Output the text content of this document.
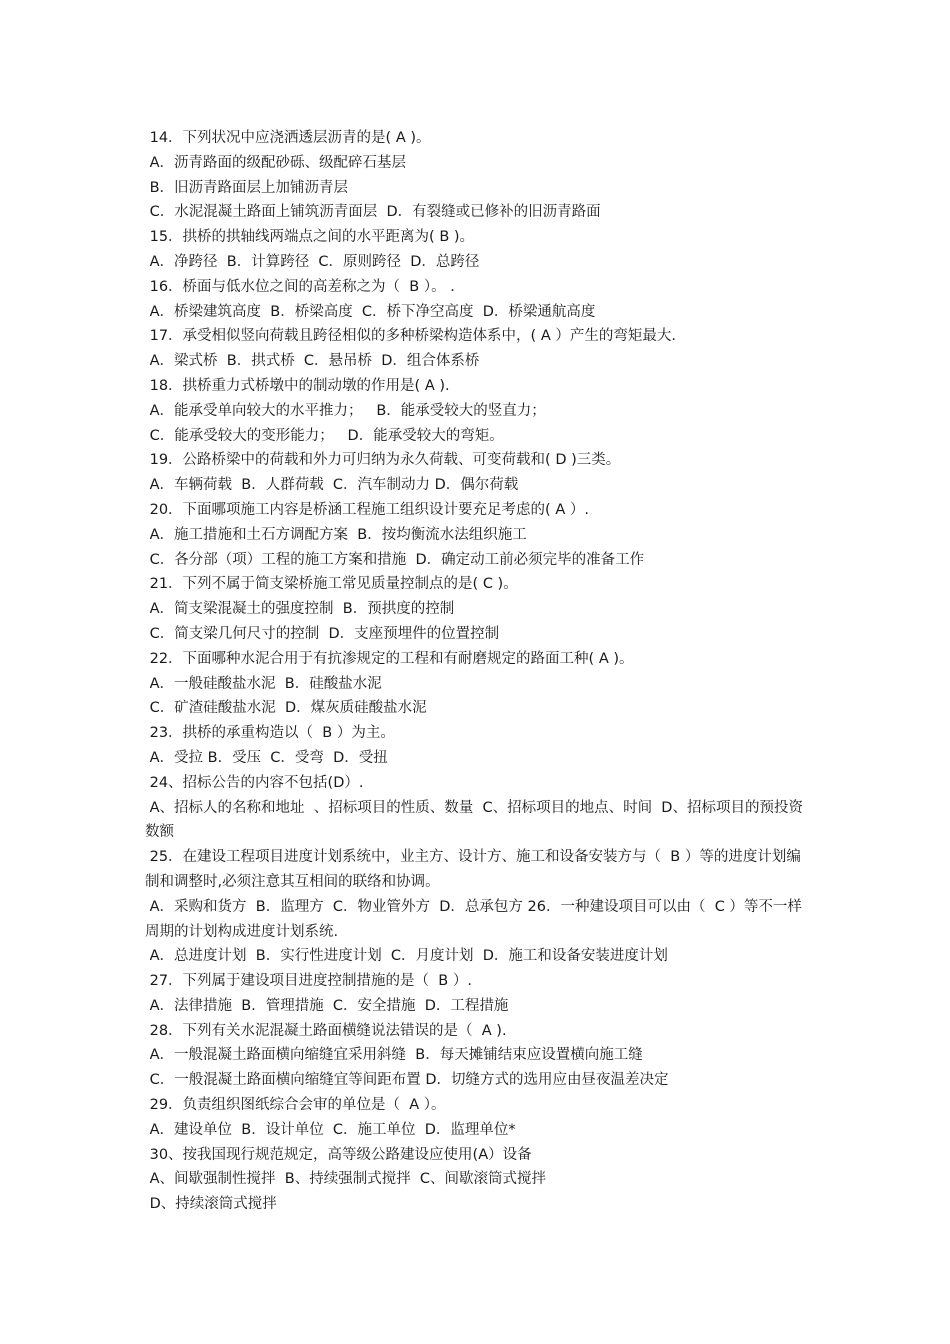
14．下列状况中应浇洒透层沥青的是( A )。

A．沥青路面的级配砂砾、级配碎石基层

B．旧沥青路面层上加铺沥青层

C．水泥混凝土路面上铺筑沥青面层  D．有裂缝或已修补的旧沥青路面

15．拱桥的拱轴线两端点之间的水平距离为( B )。

A．净跨径  B．计算跨径  C．原则跨径  D．总跨径

16．桥面与低水位之间的高差称之为（  B ）。 .

A．桥梁建筑高度  B．桥梁高度  C．桥下净空高度  D．桥梁通航高度

17．承受相似竖向荷载且跨径相似的多种桥梁构造体系中，( A ）产生的弯矩最大.

A．梁式桥  B．拱式桥  C．悬吊桥  D．组合体系桥

18．拱桥重力式桥墩中的制动墩的作用是( A ).

A．能承受单向较大的水平推力；   B．能承受较大的竖直力；

C．能承受较大的变形能力；   D．能承受较大的弯矩。

19．公路桥梁中的荷载和外力可归纳为永久荷载、可变荷载和( D )三类。

A．车辆荷载  B．人群荷载  C．汽车制动力 D．偶尔荷载

20．下面哪项施工内容是桥涵工程施工组织设计要充足考虑的( A ）.

A．施工措施和土石方调配方案  B．按均衡流水法组织施工

C．各分部（项）工程的施工方案和措施  D．确定动工前必须完毕的准备工作

21．下列不属于简支梁桥施工常见质量控制点的是( C )。

A．简支梁混凝土的强度控制  B．预拱度的控制

C．简支梁几何尺寸的控制  D．支座预埋件的位置控制

22．下面哪种水泥合用于有抗渗规定的工程和有耐磨规定的路面工种( A )。

A．一般硅酸盐水泥  B．硅酸盐水泥

C．矿渣硅酸盐水泥  D．煤灰质硅酸盐水泥

23．拱桥的承重构造以（  B ）为主。

A．受拉 B．受压  C．受弯  D．受扭

24、招标公告的内容不包括(D）.

A、招标人的名称和地址  、招标项目的性质、数量  C、招标项目的地点、时间  D、招标项目的预投资数额

25．在建设工程项目进度计划系统中，业主方、设计方、施工和设备安装方与（  B ）等的进度计划编制和调整时,必须注意其互相间的联络和协调。

A．采购和货方  B．监理方  C．物业管外方  D．总承包方 26．一种建设项目可以由（  C ）等不一样周期的计划构成进度计划系统.

A．总进度计划  B．实行性进度计划  C．月度计划  D．施工和设备安装进度计划

27．下列属于建设项目进度控制措施的是（  B ）.

A．法律措施  B．管理措施  C．安全措施  D．工程措施

28．下列有关水泥混凝土路面横缝说法错误的是（  A ).

A．一般混凝土路面横向缩缝宜采用斜缝  B．每天摊铺结束应设置横向施工缝

C．一般混凝土路面横向缩缝宜等间距布置 D．切缝方式的选用应由昼夜温差决定

29．负责组织图纸综合会审的单位是（  A ）。

A．建设单位  B．设计单位  C．施工单位  D．监理单位*

30、按我国现行规范规定，高等级公路建设应使用(A）设备

A、间歇强制性搅拌  B、持续强制式搅拌  C、间歇滚筒式搅拌

D、持续滚筒式搅拌
